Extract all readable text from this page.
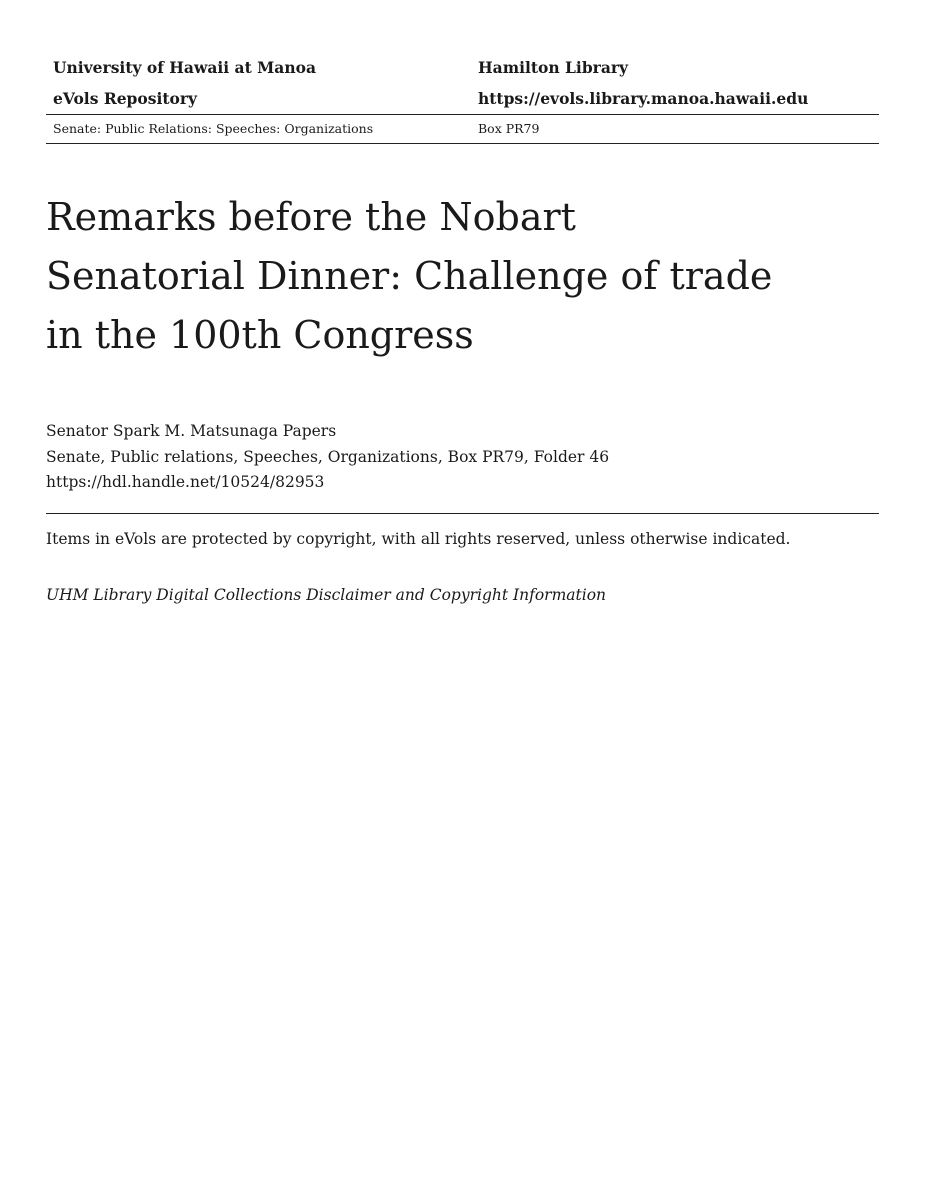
University of Hawaii at Manoa	Hamilton Library
eVols Repository	https://evols.library.manoa.hawaii.edu
Senate: Public Relations: Speeches: Organizations	Box PR79
Remarks before the Nobart
Senatorial Dinner: Challenge of trade
in the 100th Congress
Senator Spark M. Matsunaga Papers
Senate, Public relations, Speeches, Organizations, Box PR79, Folder 46
https://hdl.handle.net/10524/82953
Items in eVols are protected by copyright, with all rights reserved, unless otherwise indicated.
UHM Library Digital Collections Disclaimer and Copyright Information
